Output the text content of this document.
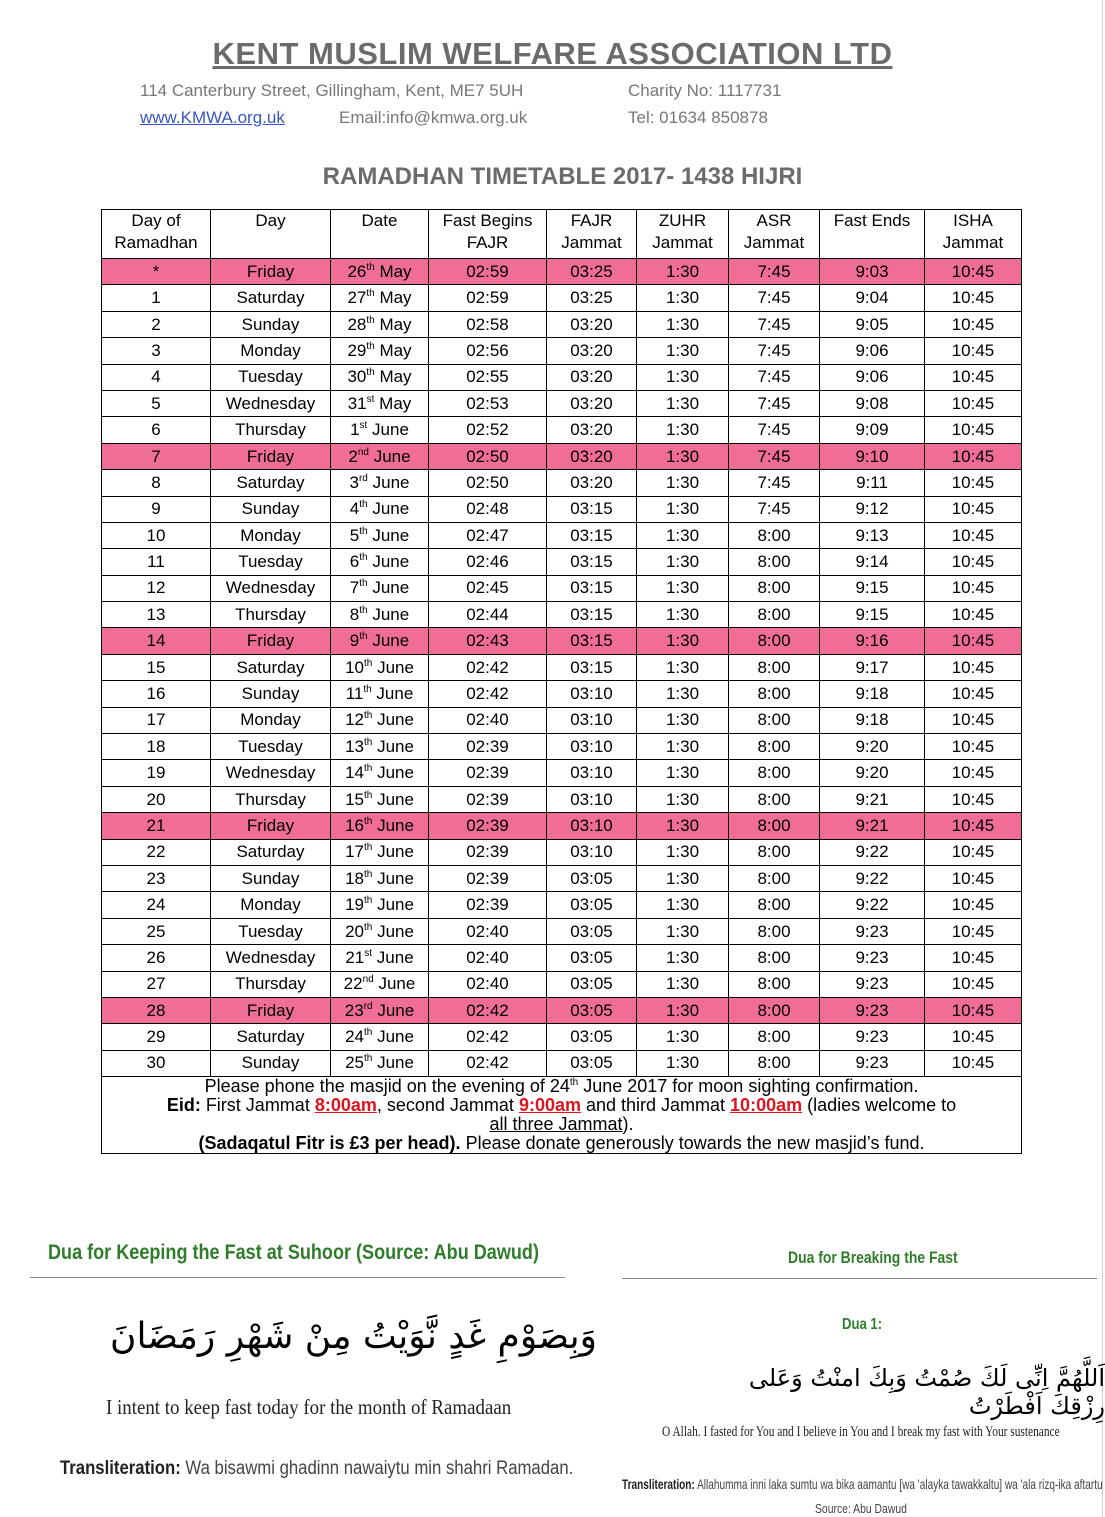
KENT MUSLIM WELFARE ASSOCIATION LTD
114 Canterbury Street, Gillingham, Kent, ME7 5UH	Charity No: 1117731
www.KMWA.org.uk	Email:info@kmwa.org.uk	Tel: 01634 850878
RAMADHAN TIMETABLE 2017- 1438 HIJRI
Day of Ramadhan	Day	Date	Fast Begins FAJR	FAJR Jammat	ZUHR Jammat	ASR Jammat	Fast Ends	ISHA Jammat
*	Friday	26th May	02:59	03:25	1:30	7:45	9:03	10:45
1	Saturday	27th May	02:59	03:25	1:30	7:45	9:04	10:45
2	Sunday	28th May	02:58	03:20	1:30	7:45	9:05	10:45
3	Monday	29th May	02:56	03:20	1:30	7:45	9:06	10:45
4	Tuesday	30th May	02:55	03:20	1:30	7:45	9:06	10:45
5	Wednesday	31st May	02:53	03:20	1:30	7:45	9:08	10:45
6	Thursday	1st June	02:52	03:20	1:30	7:45	9:09	10:45
7	Friday	2nd June	02:50	03:20	1:30	7:45	9:10	10:45
8	Saturday	3rd June	02:50	03:20	1:30	7:45	9:11	10:45
9	Sunday	4th June	02:48	03:15	1:30	7:45	9:12	10:45
10	Monday	5th June	02:47	03:15	1:30	8:00	9:13	10:45
11	Tuesday	6th June	02:46	03:15	1:30	8:00	9:14	10:45
12	Wednesday	7th June	02:45	03:15	1:30	8:00	9:15	10:45
13	Thursday	8th June	02:44	03:15	1:30	8:00	9:15	10:45
14	Friday	9th June	02:43	03:15	1:30	8:00	9:16	10:45
15	Saturday	10th June	02:42	03:15	1:30	8:00	9:17	10:45
16	Sunday	11th June	02:42	03:10	1:30	8:00	9:18	10:45
17	Monday	12th June	02:40	03:10	1:30	8:00	9:18	10:45
18	Tuesday	13th June	02:39	03:10	1:30	8:00	9:20	10:45
19	Wednesday	14th June	02:39	03:10	1:30	8:00	9:20	10:45
20	Thursday	15th June	02:39	03:10	1:30	8:00	9:21	10:45
21	Friday	16th June	02:39	03:10	1:30	8:00	9:21	10:45
22	Saturday	17th June	02:39	03:10	1:30	8:00	9:22	10:45
23	Sunday	18th June	02:39	03:05	1:30	8:00	9:22	10:45
24	Monday	19th June	02:39	03:05	1:30	8:00	9:22	10:45
25	Tuesday	20th June	02:40	03:05	1:30	8:00	9:23	10:45
26	Wednesday	21st June	02:40	03:05	1:30	8:00	9:23	10:45
27	Thursday	22nd June	02:40	03:05	1:30	8:00	9:23	10:45
28	Friday	23rd June	02:42	03:05	1:30	8:00	9:23	10:45
29	Saturday	24th June	02:42	03:05	1:30	8:00	9:23	10:45
30	Sunday	25th June	02:42	03:05	1:30	8:00	9:23	10:45

Please phone the masjid on the evening of 24th June 2017 for moon sighting confirmation.
Eid: First Jammat 8:00am, second Jammat 9:00am and third Jammat 10:00am (ladies welcome to
all three Jammat).
(Sadaqatul Fitr is £3 per head). Please donate generously towards the new masjid’s fund.								
Dua for Keeping the Fast at Suhoor (Source: Abu Dawud)
وَبِصَوْمِ غَدٍ نَّوَيْتُ مِنْ شَهْرِ رَمَضَانَ
I intent to keep fast today for the month of Ramadaan
Transliteration: Wa bisawmi ghadinn nawaiytu min shahri Ramadan.
Dua for Breaking the Fast
Dua 1:
اَللَّهُمَّ اِنِّى لَكَ صُمْتُ وَبِكَ امنْتُ وَعَلى رِزْقِكَ اَفْطَرْتُ
O Allah. I fasted for You and I believe in You and I break my fast with Your sustenance
Transliteration: Allahumma inni laka sumtu wa bika aamantu [wa 'alayka tawakkaltu] wa 'ala rizq-ika aftartu
Source: Abu Dawud
